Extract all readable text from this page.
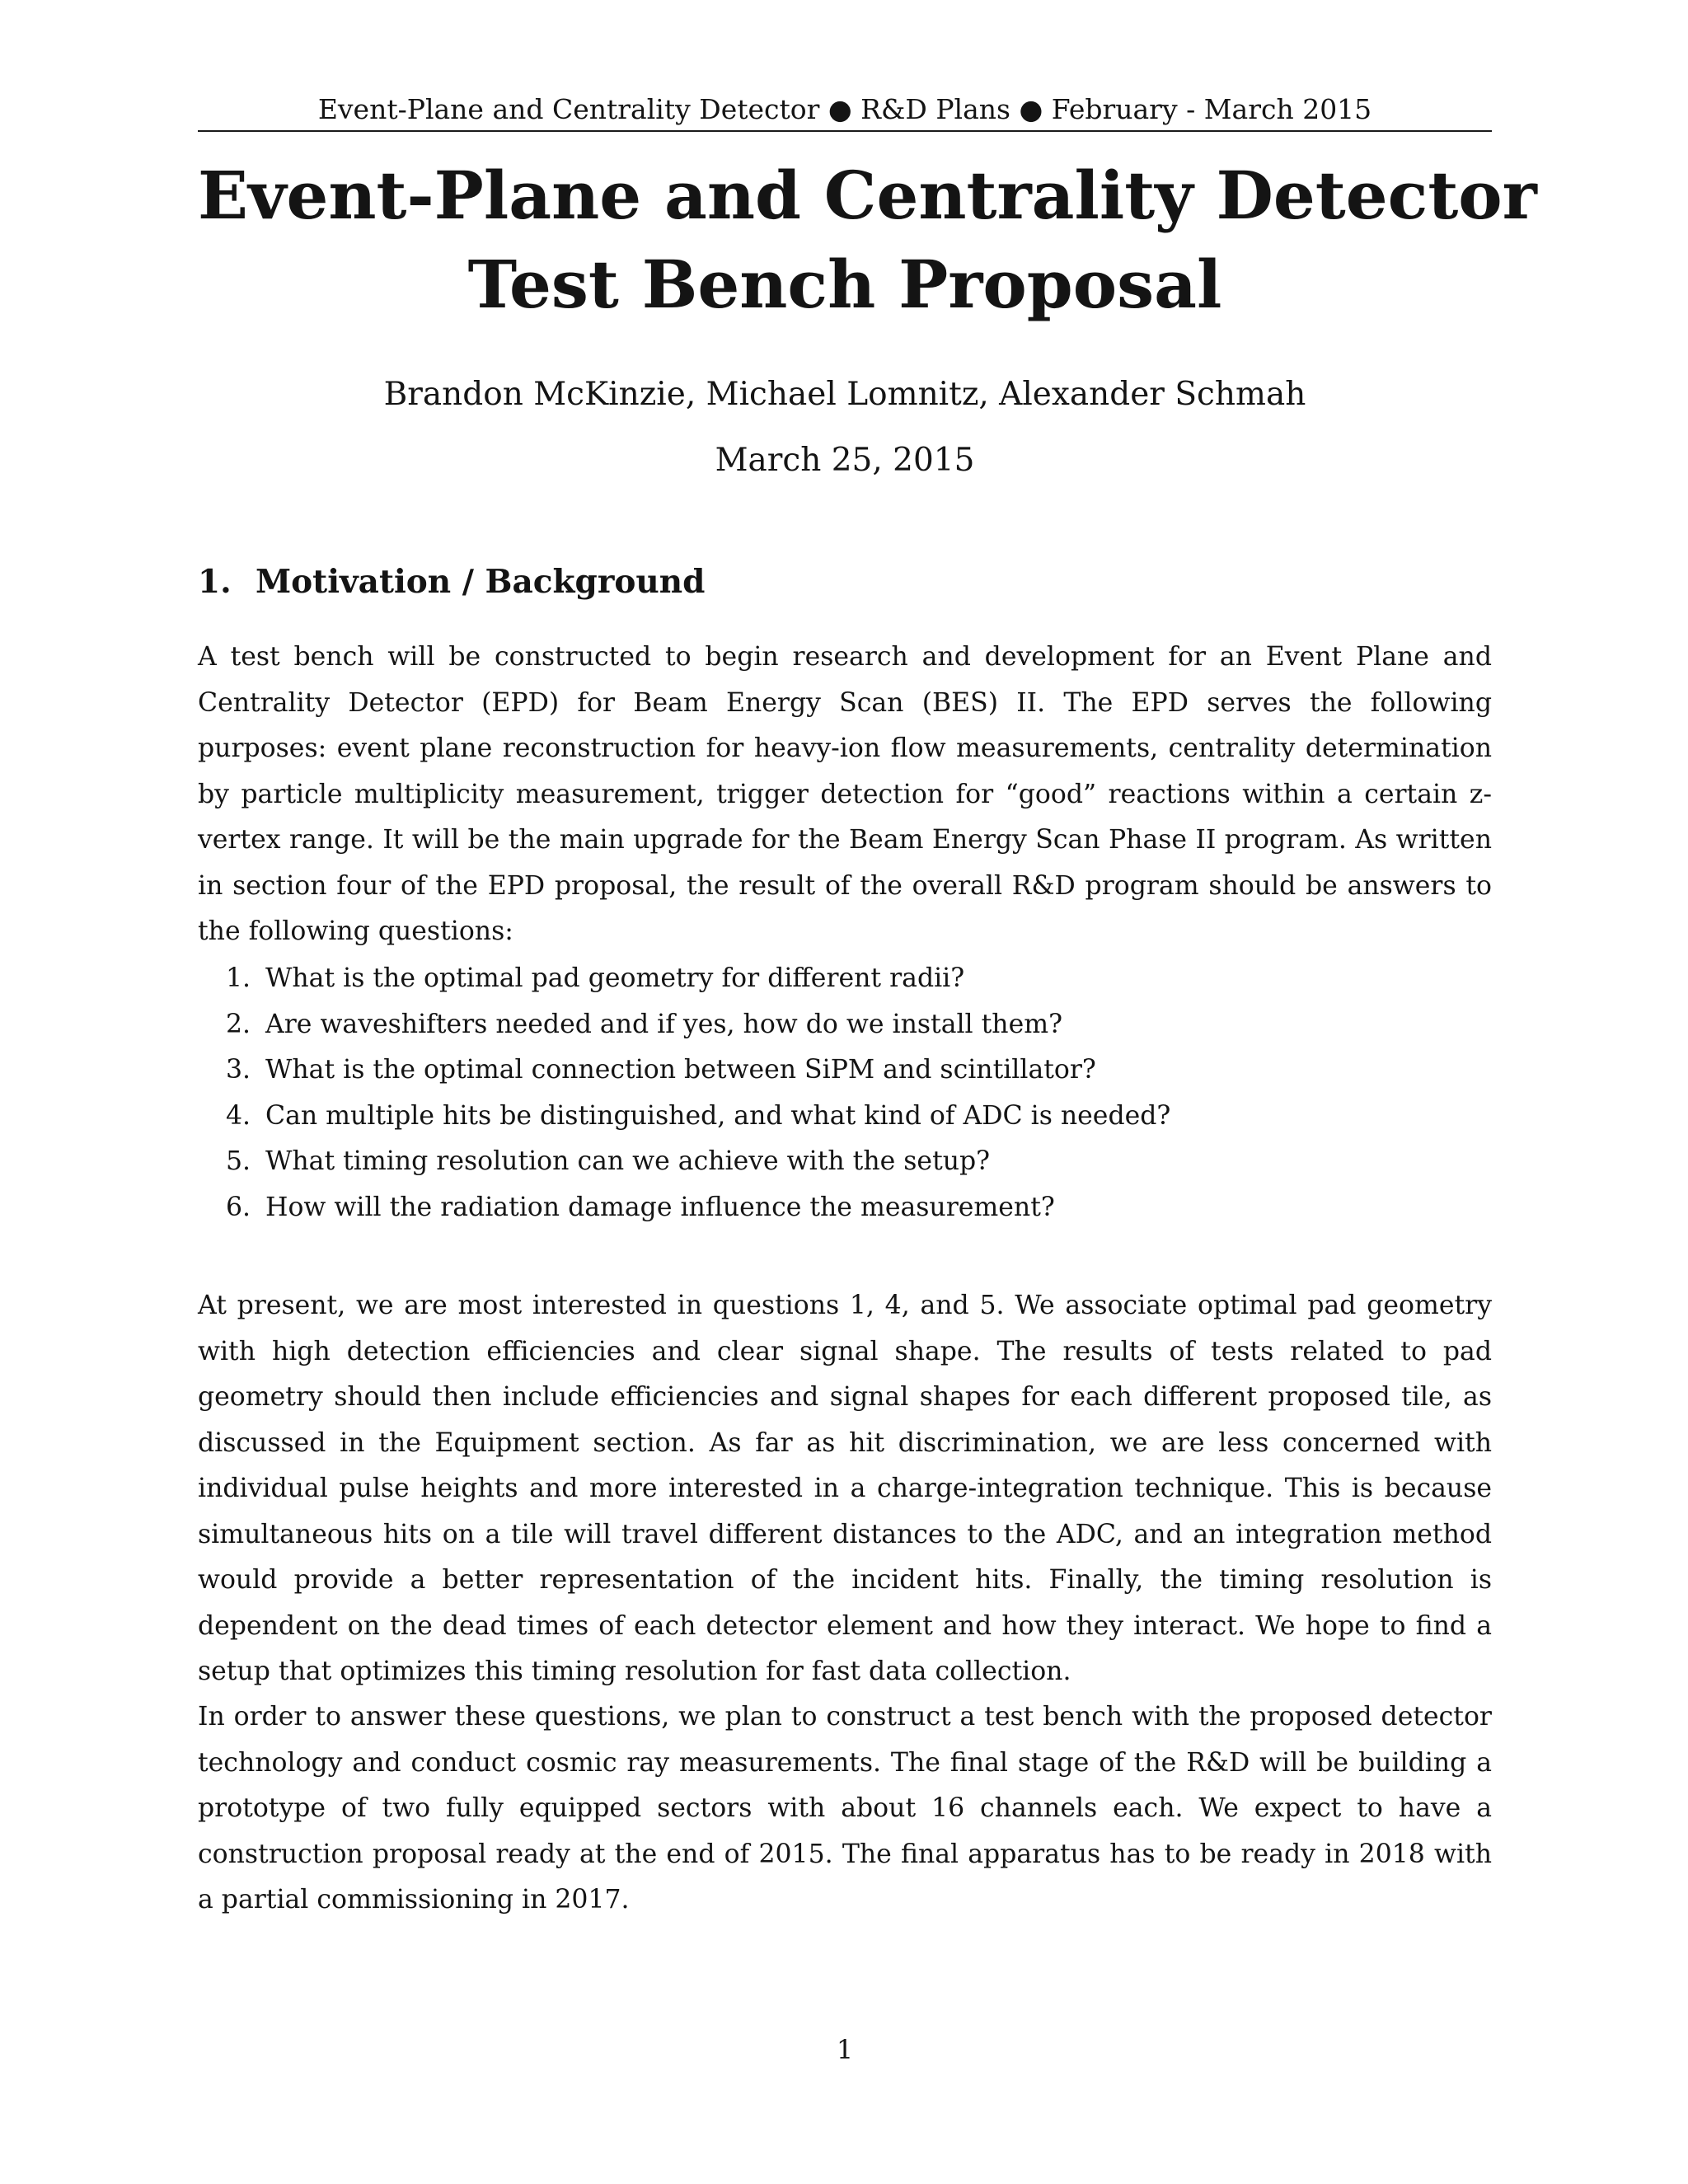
Event-Plane and Centrality Detector ● R&D Plans ● February - March 2015
Event-Plane and Centrality Detector
Test Bench Proposal
Brandon McKinzie, Michael Lomnitz, Alexander Schmah
March 25, 2015
1. Motivation / Background

A test bench will be constructed to begin research and development for an Event Plane and Centrality Detector (EPD) for Beam Energy Scan (BES) II. The EPD serves the following purposes: event plane reconstruction for heavy-ion flow measurements, centrality determination by particle multiplicity measurement, trigger detection for “good” reactions within a certain z-vertex range. It will be the main upgrade for the Beam Energy Scan Phase II program. As written in section four of the EPD proposal, the result of the overall R&D program should be answers to the following questions:

1. What is the optimal pad geometry for different radii?
2. Are waveshifters needed and if yes, how do we install them?
3. What is the optimal connection between SiPM and scintillator?
4. Can multiple hits be distinguished, and what kind of ADC is needed?
5. What timing resolution can we achieve with the setup?
6. How will the radiation damage influence the measurement?

At present, we are most interested in questions 1, 4, and 5. We associate optimal pad geometry with high detection efficiencies and clear signal shape. The results of tests related to pad geometry should then include efficiencies and signal shapes for each different proposed tile, as discussed in the Equipment section. As far as hit discrimination, we are less concerned with individual pulse heights and more interested in a charge-integration technique. This is because simultaneous hits on a tile will travel different distances to the ADC, and an integration method would provide a better representation of the incident hits. Finally, the timing resolution is dependent on the dead times of each detector element and how they interact. We hope to find a setup that optimizes this timing resolution for fast data collection.

In order to answer these questions, we plan to construct a test bench with the proposed detector technology and conduct cosmic ray measurements. The final stage of the R&D will be building a prototype of two fully equipped sectors with about 16 channels each. We expect to have a construction proposal ready at the end of 2015. The final apparatus has to be ready in 2018 with a partial commissioning in 2017.

1
